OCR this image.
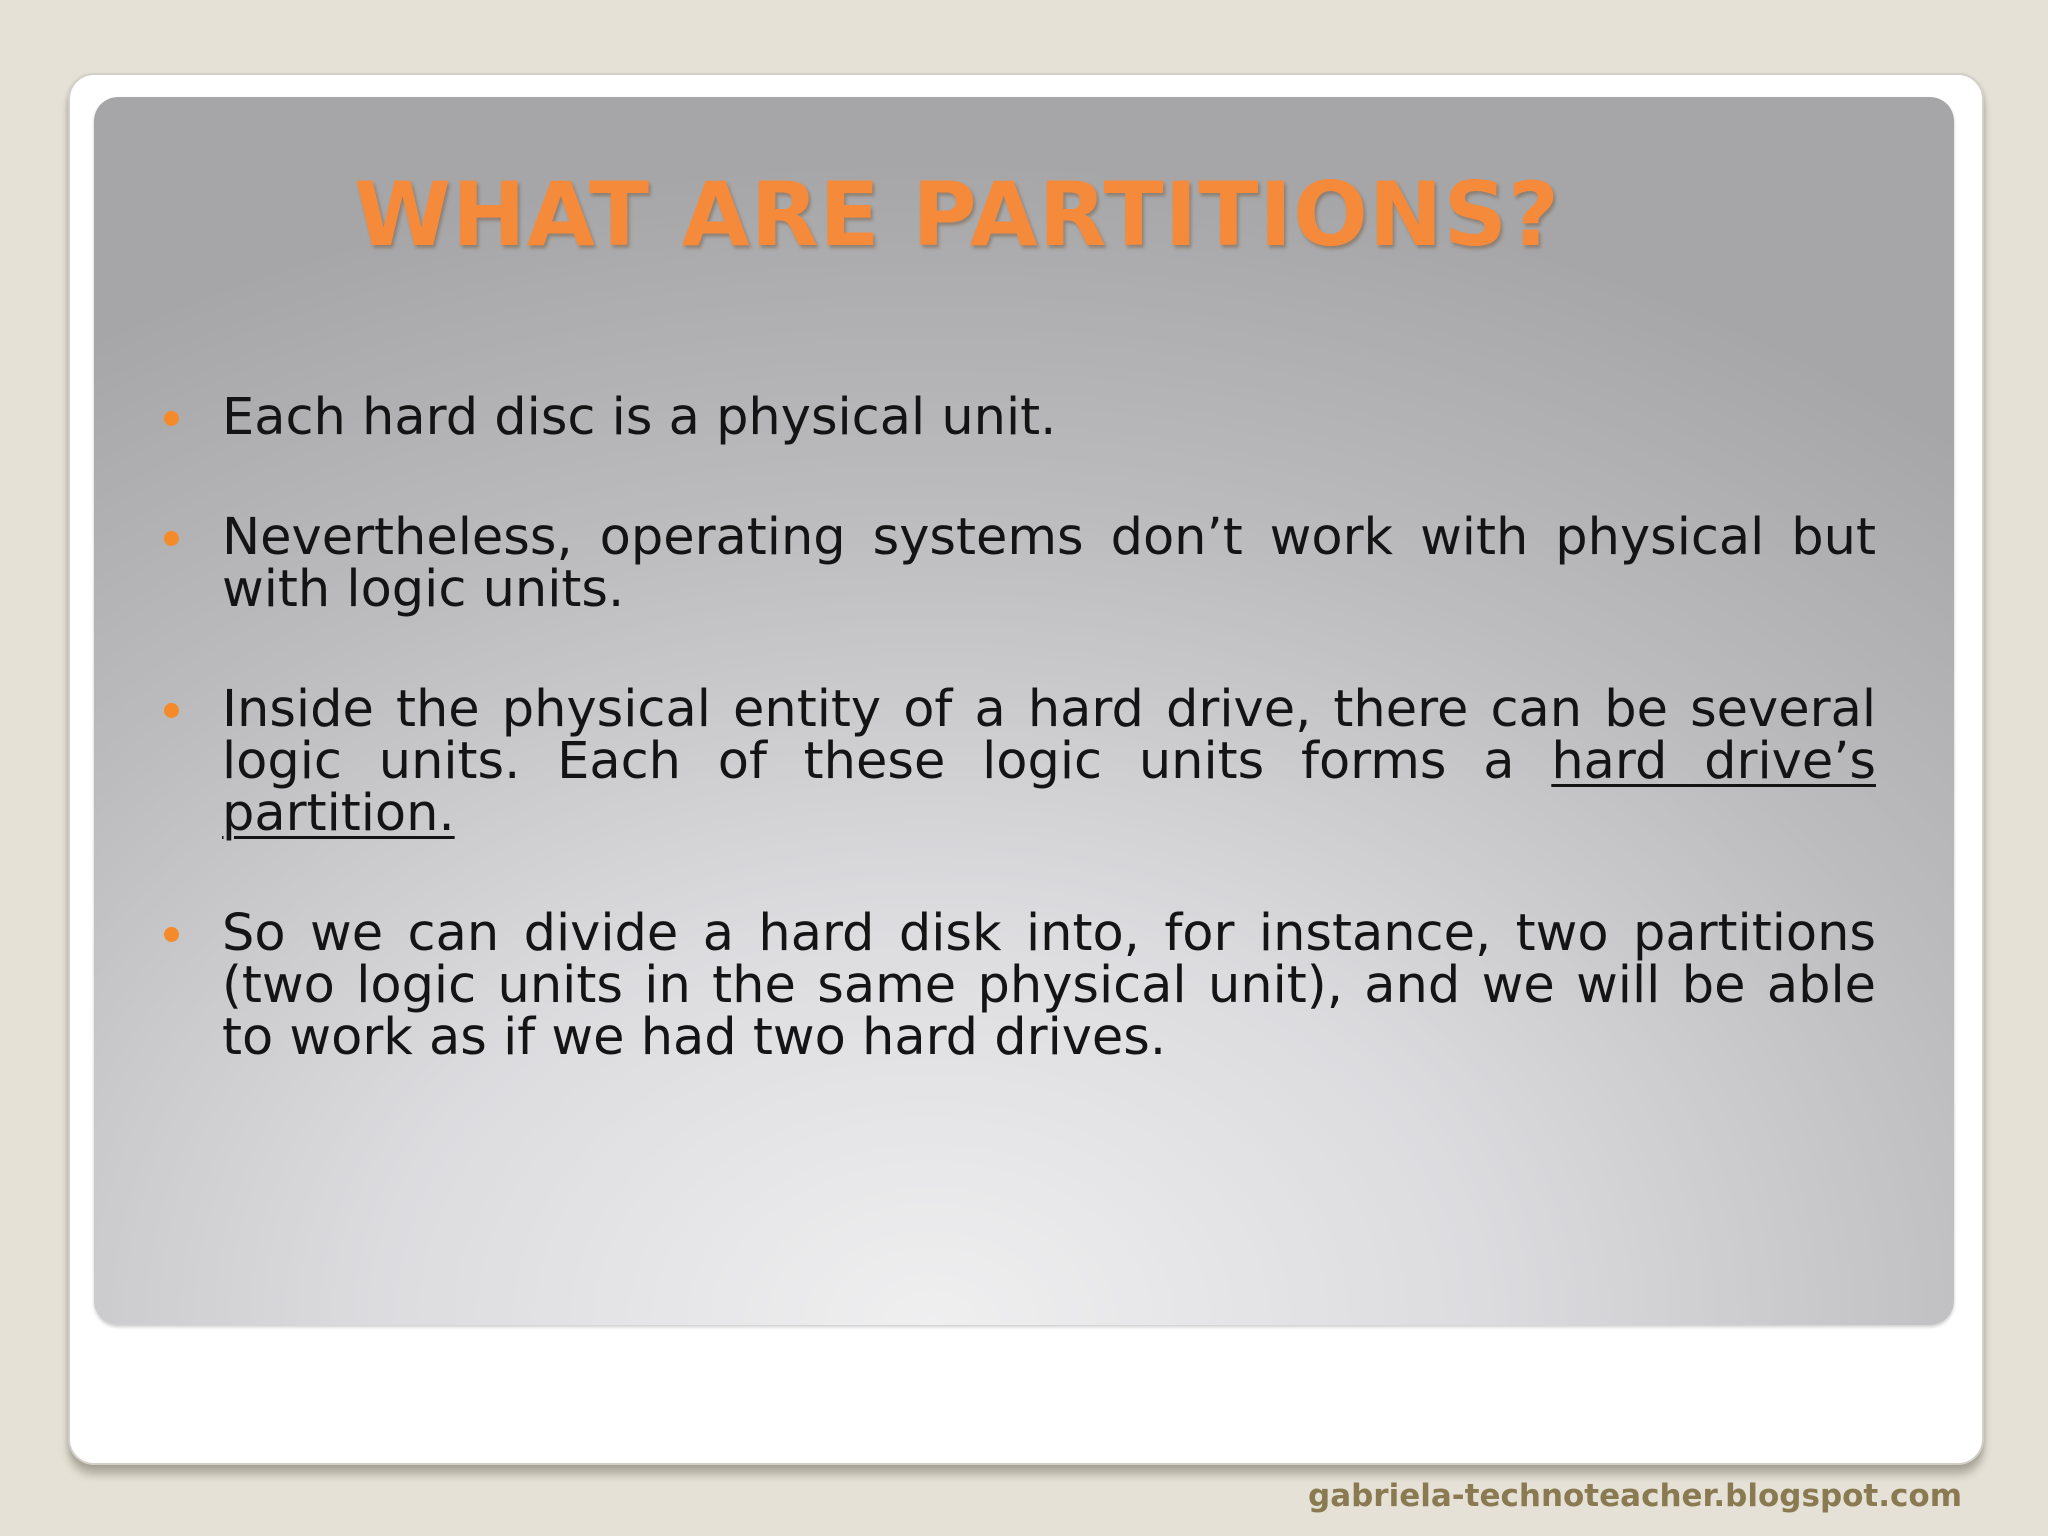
WHAT ARE PARTITIONS?
Each hard disc is a physical unit.
Nevertheless, operating systems don’t work with physical but with logic units.
Inside the physical entity of a hard drive, there can be several logic units. Each of these logic units forms a hard drive’s partition.
So we can divide a hard disk into, for instance, two partitions (two logic units in the same physical unit), and we will be able to work as if we had two hard drives.

gabriela-technoteacher.blogspot.com
